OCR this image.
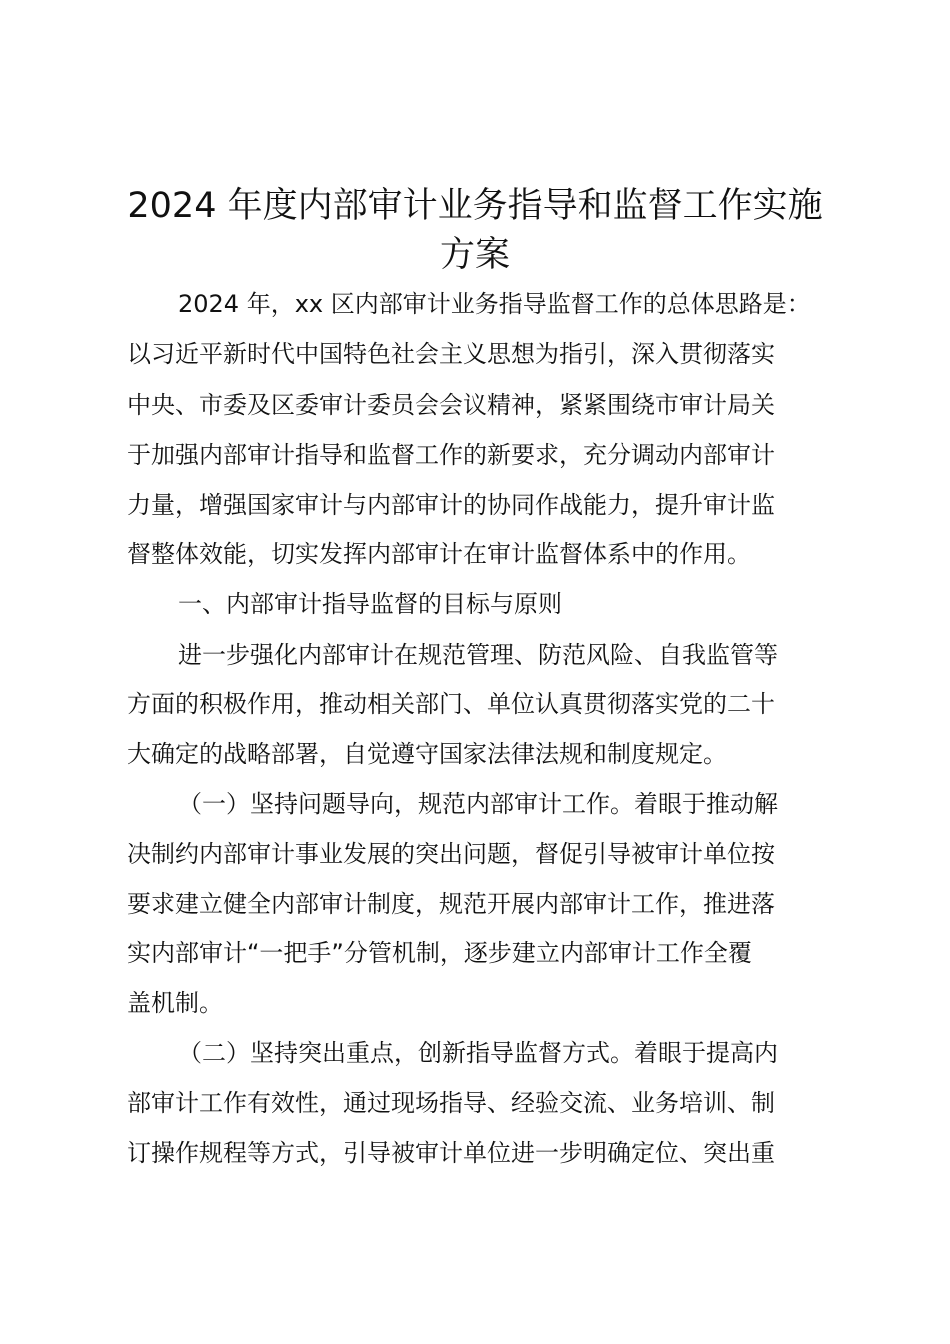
2024 年度内部审计业务指导和监督工作实施
方案
2024 年，xx 区内部审计业务指导监督工作的总体思路是：
以习近平新时代中国特色社会主义思想为指引，深入贯彻落实
中央、市委及区委审计委员会会议精神，紧紧围绕市审计局关
于加强内部审计指导和监督工作的新要求，充分调动内部审计
力量，增强国家审计与内部审计的协同作战能力，提升审计监
督整体效能，切实发挥内部审计在审计监督体系中的作用。
一、内部审计指导监督的目标与原则
进一步强化内部审计在规范管理、防范风险、自我监管等
方面的积极作用，推动相关部门、单位认真贯彻落实党的二十
大确定的战略部署，自觉遵守国家法律法规和制度规定。
（一）坚持问题导向，规范内部审计工作。着眼于推动解
决制约内部审计事业发展的突出问题，督促引导被审计单位按
要求建立健全内部审计制度，规范开展内部审计工作，推进落
实内部审计“一把手”分管机制，逐步建立内部审计工作全覆
盖机制。
（二）坚持突出重点，创新指导监督方式。着眼于提高内
部审计工作有效性，通过现场指导、经验交流、业务培训、制
订操作规程等方式，引导被审计单位进一步明确定位、突出重
